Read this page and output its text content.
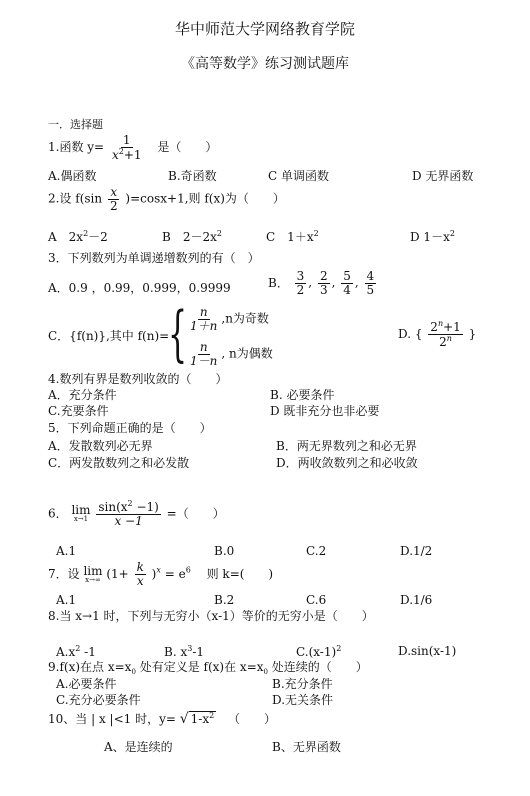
华中师范大学网络教育学院
《高等数学》练习测试题库
一．选择题
1.函数 $y= \frac{1}{x^2+1}$ 是（　　）
A.偶函数	B.奇函数	C 单调函数	D 无界函数
2.设 $f(\sin \frac{x}{2} )=\cos x+1$,则 f(x)为（　　）
A　$2x^2-2$	B　$2-2x^2$	C　$1+x^2$	D $1-x^2$
3．下列数列为单调递增数列的有（　）
A．0.9 ，0.99，0.999，0.9999	B． $\frac{3}{2}$ , $\frac{2}{3}$ , $\frac{5}{4}$ , $\frac{4}{5}$
C．{f(n)},其中 f(n)=
{ $\frac{n}{1+n} ,n$为奇数
$\frac{n}{1-n}$ , n为偶数
D. { $\frac{2^n+1}{2^n}$ }
4.数列有界是数列收敛的（　　）
A．充分条件	B. 必要条件
C.充要条件	D 既非充分也非必要
5．下列命题正确的是（　　）
A．发散数列必无界	B．两无界数列之和必无界
C．两发散数列之和必发散	D．两收敛数列之和必收敛
6． lim
x→1
$\frac{\sin(x^2 -1)}{x -1}$ =（　　）
A.1	B.0	C.2	D.1/2
7．设 lim
x→∞ $(1+ \frac{k}{x} )^x = e^6$ 　则 k=(　　)
A.1	B.2	C.6	D.1/6
8.当 x→1 时，下列与无穷小（x-1）等价的无穷小是（　　）
$A.x^2$ -1	B. $x^3-1$	$C.(x-1)^2$	D.sin(x-1)
9.f(x)在点 $x=x_0$ 处有定义是 f(x)在 $x=x_0$ 处连续的（　　）
A.必要条件	B.充分条件
C.充分必要条件	D.无关条件
10、当 | x |<1 时，y= √ $1-x^2$ （　　）
A、是连续的	B、无界函数
